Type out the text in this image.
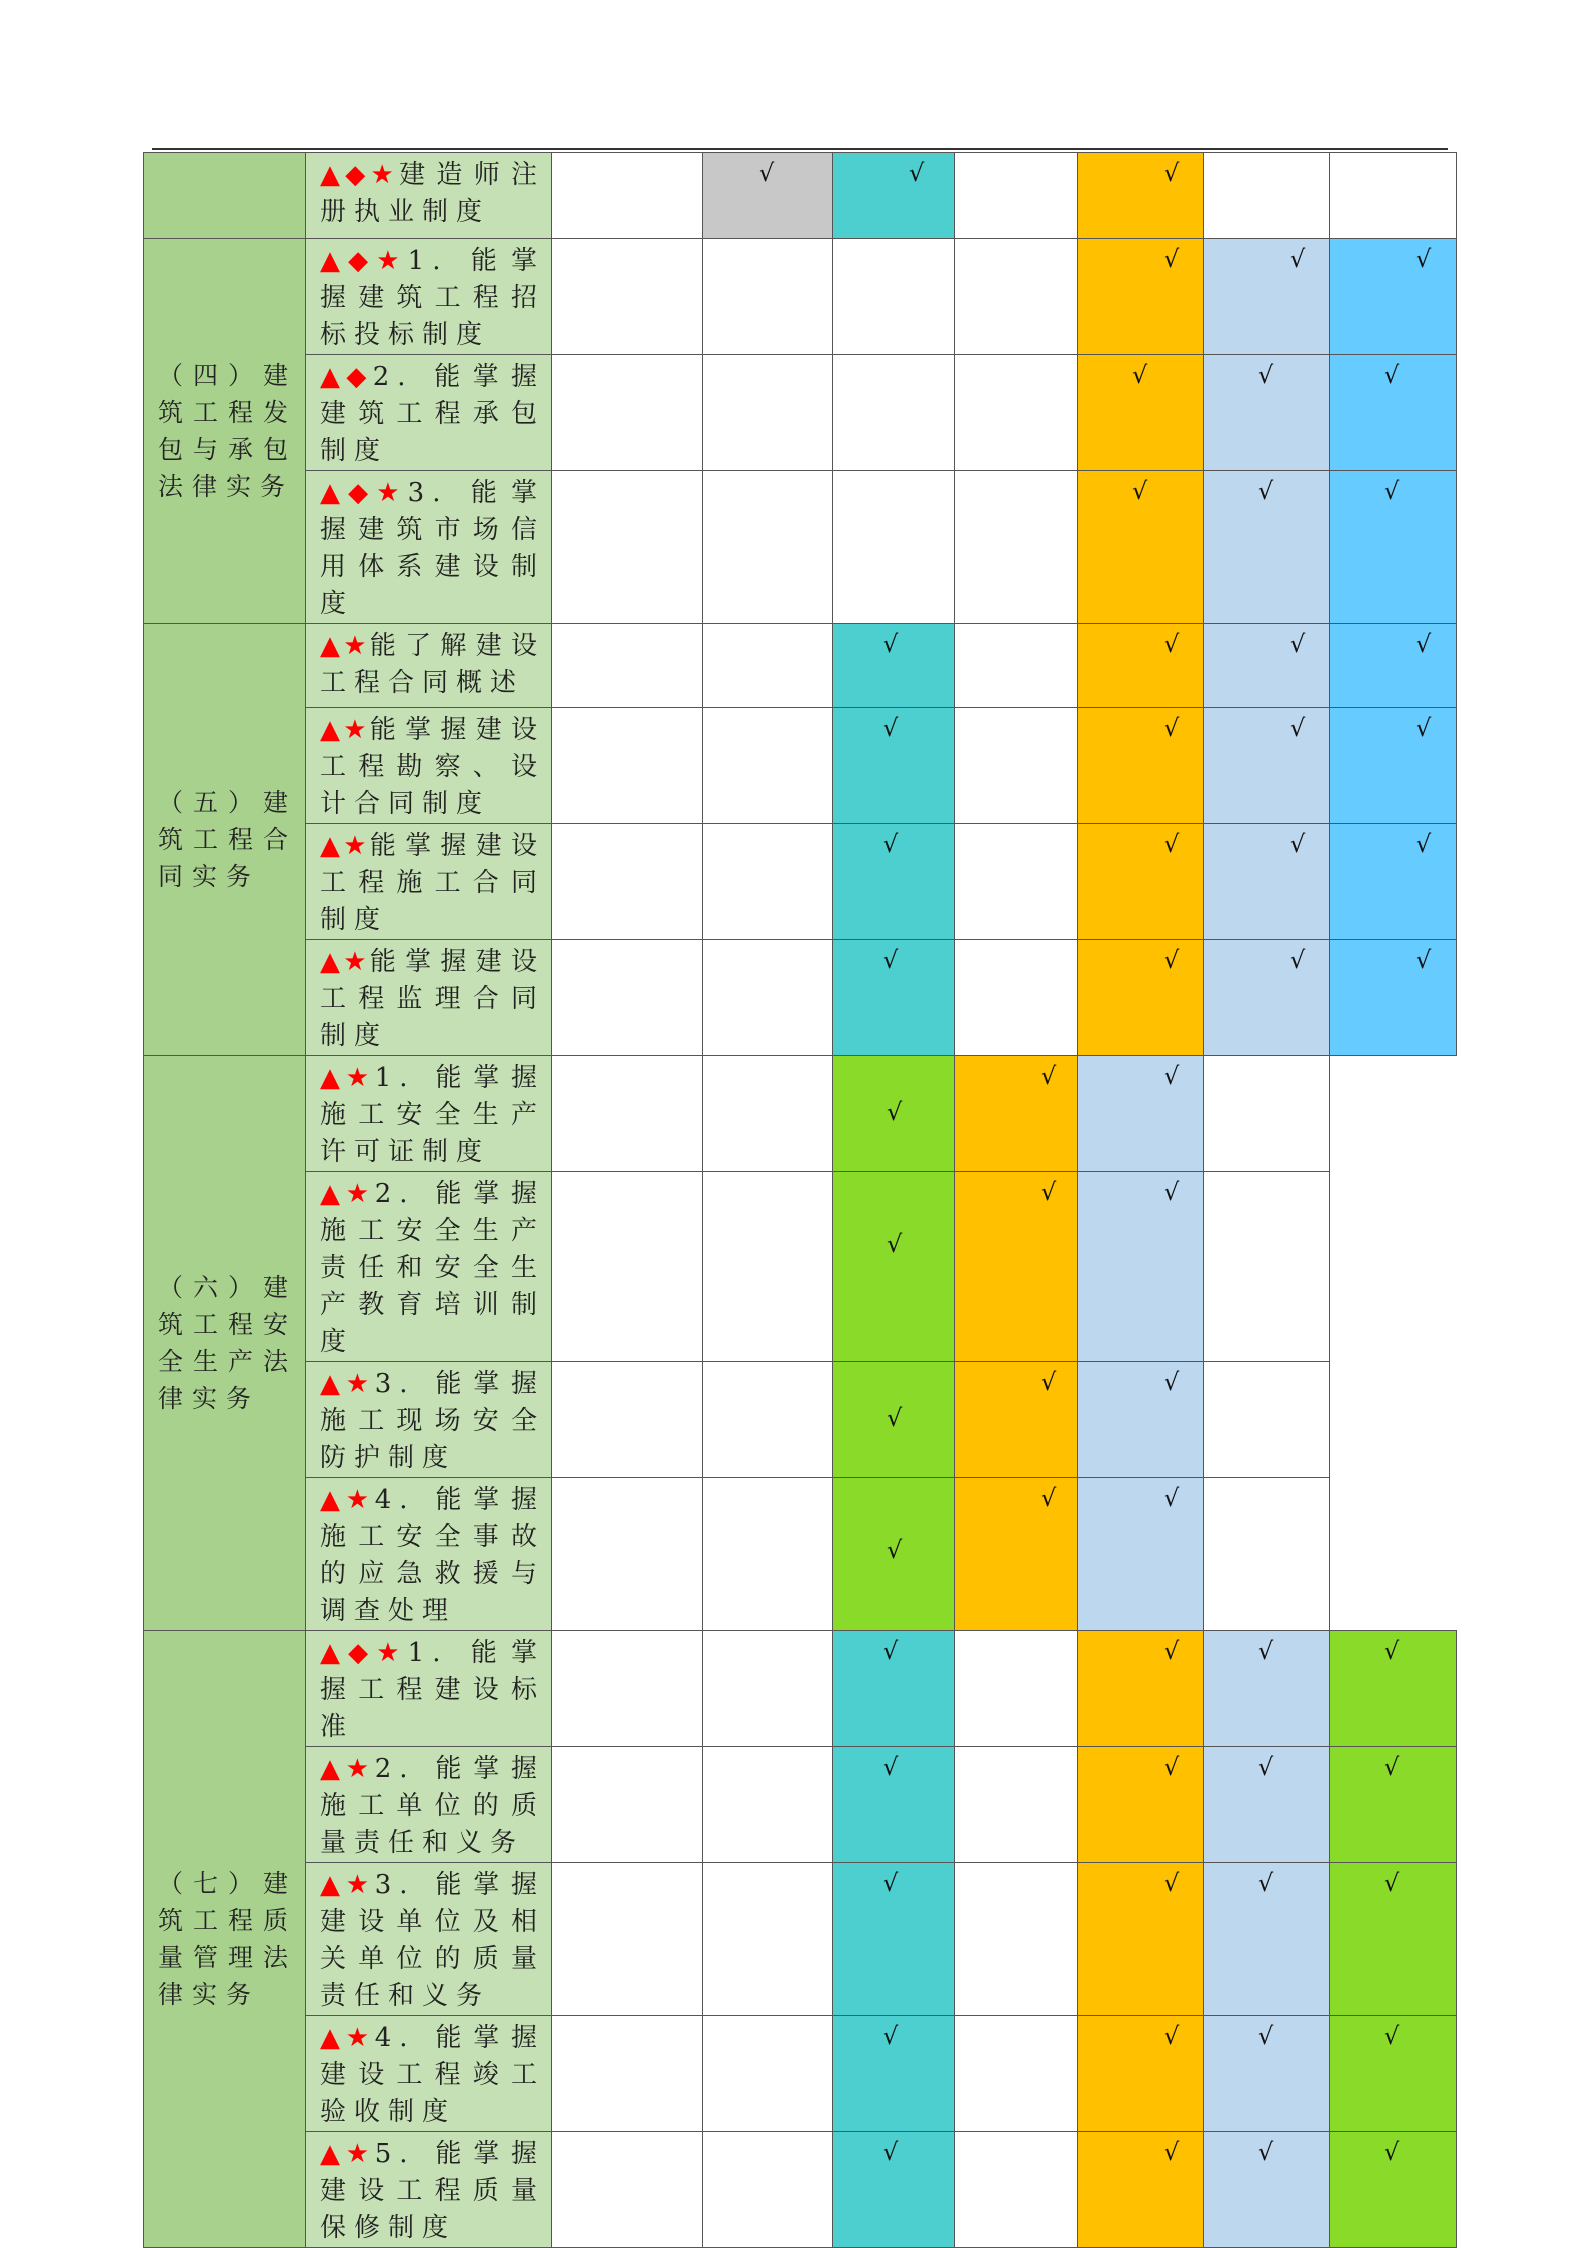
	▲◆★建造师注册执业制度		√	√		√		

（四）建筑工程发包与承包法律实务	▲◆★1. 能掌握建筑工程招标投标制度					√	√	√

	▲◆2. 能掌握建筑工程承包制度					√	√	√

	▲◆★3. 能掌握建筑市场信用体系建设制度					√	√	√

（五）建筑工程合同实务	▲★能了解建设工程合同概述			√		√	√	√

	▲★能掌握建设工程勘察、设计合同制度			√		√	√	√

	▲★能掌握建设工程施工合同制度			√		√	√	√

	▲★能掌握建设工程监理合同制度			√		√	√	√

（六）建筑工程安全生产法律实务	▲★1. 能掌握施工安全生产许可证制度			√	√	√		

	▲★2. 能掌握施工安全生产责任和安全生产教育培训制度			√	√	√		

	▲★3. 能掌握施工现场安全防护制度			√	√	√		

	▲★4. 能掌握施工安全事故的应急救援与调查处理			√	√	√		

（七）建筑工程质量管理法律实务	▲◆★1. 能掌握工程建设标准			√		√	√	√

	▲★2. 能掌握施工单位的质量责任和义务			√		√	√	√

	▲★3. 能掌握建设单位及相关单位的质量责任和义务			√		√	√	√

	▲★4. 能掌握建设工程竣工验收制度			√		√	√	√

	▲★5. 能掌握建设工程质量保修制度			√		√	√	√
